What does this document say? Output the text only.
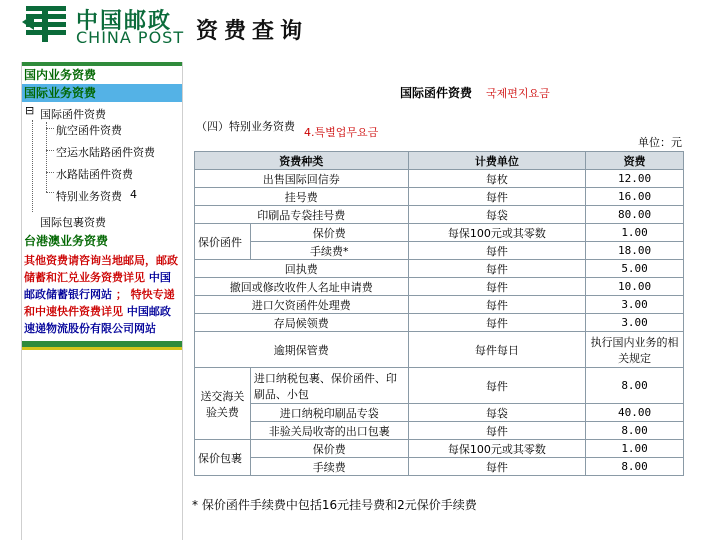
中国邮政
CHINA POST 资费查询
国内业务资费
国际业务资费
⊟ 国际函件资费
航空函件资费
空运水陆路函件资费
水路陆函件资费
特别业务资费 4
国际包裹资费
台港澳业务资费
其他资费请咨询当地邮局，邮政储蓄和汇兑业务资费详见 中国邮政储蓄银行网站 ； 特快专递和中速快件资费详见 中国邮政速递物流股份有限公司网站
国际函件资费 국제편지요금
（四）特别业务资费 4.특별업무요금
单位：元
资费种类		计费单位	资费
出售国际回信券		每枚	12.00
挂号费		每件	16.00
印刷品专袋挂号费		每袋	80.00
保价函件	保价费	每保100元或其零数	1.00
	手续费*	每件	18.00
回执费		每件	5.00
撤回或修改收件人名址申请费		每件	10.00
进口欠资函件处理费		每件	3.00
存局候领费		每件	3.00
逾期保管费		每件每日	执行国内业务的相关规定
送交海关验关费	进口纳税包裹、保价函件、印刷品、小包	每件	8.00
	进口纳税印刷品专袋	每袋	40.00
	非验关局收寄的出口包裹	每件	8.00
保价包裹	保价费	每保100元或其零数	1.00
	手续费	每件	8.00
* 保价函件手续费中包括16元挂号费和2元保价手续费
